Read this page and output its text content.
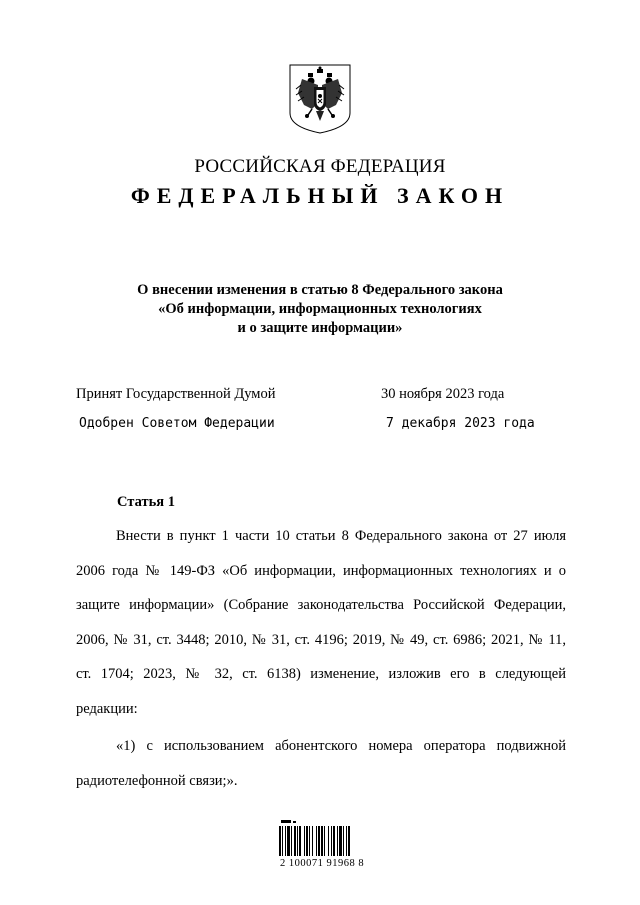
РОССИЙСКАЯ ФЕДЕРАЦИЯ
ФЕДЕРАЛЬНЫЙ ЗАКОН
О внесении изменения в статью 8 Федерального закона
«Об информации, информационных технологиях
и о защите информации»
Принят Государственной Думой	30 ноября 2023 года
Одобрен Советом Федерации	7 декабря 2023 года
Статья 1
Внести в пункт 1 части 10 статьи 8 Федерального закона от 27 июля
2006 года № 149-ФЗ «Об информации, информационных технологиях и о
защите информации» (Собрание законодательства Российской Федерации,
2006, № 31, ст. 3448; 2010, № 31, ст. 4196; 2019, № 49, ст. 6986; 2021, № 11,
ст. 1704; 2023, № 32, ст. 6138) изменение, изложив его в следующей
редакции:
«1) с использованием абонентского номера оператора подвижной
радиотелефонной связи;».
2 100071 91968 8
